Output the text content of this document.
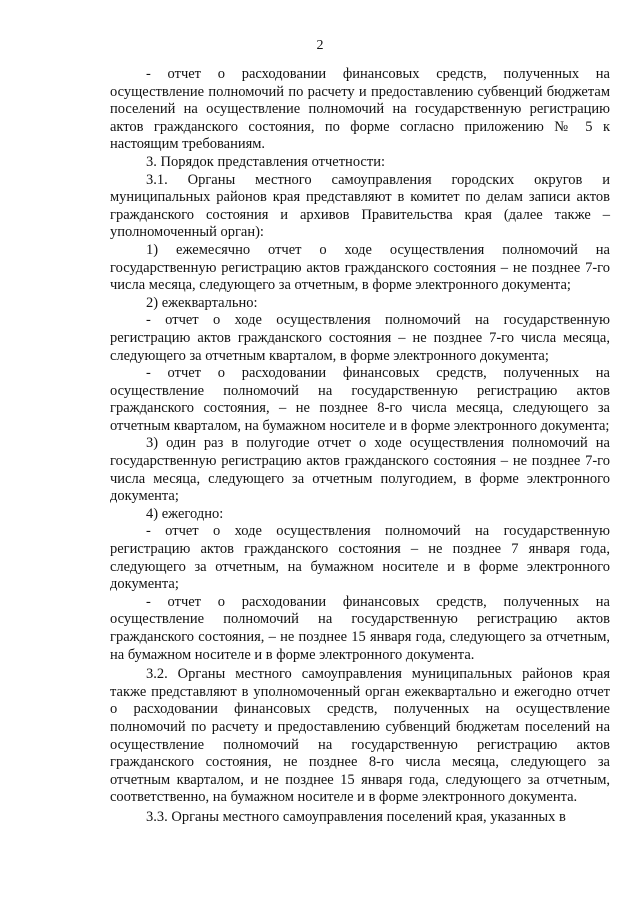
2

- отчет о расходовании финансовых средств, полученных на осуществление полномочий по расчету и предоставлению субвенций бюджетам поселений на осуществление полномочий на государственную регистрацию актов гражданского состояния, по форме согласно приложению № 5 к настоящим требованиям.

3. Порядок представления отчетности:

3.1. Органы местного самоуправления городских округов и муниципальных районов края представляют в комитет по делам записи актов гражданского состояния и архивов Правительства края (далее также – уполномоченный орган):

1) ежемесячно отчет о ходе осуществления полномочий на государственную регистрацию актов гражданского состояния – не позднее 7-го числа месяца, следующего за отчетным, в форме электронного документа;

2) ежеквартально:

- отчет о ходе осуществления полномочий на государственную регистрацию актов гражданского состояния – не позднее 7-го числа месяца, следующего за отчетным кварталом, в форме электронного документа;

- отчет о расходовании финансовых средств, полученных на осуществление полномочий на государственную регистрацию актов гражданского состояния, – не позднее 8-го числа месяца, следующего за отчетным кварталом, на бумажном носителе и в форме электронного документа;

3) один раз в полугодие отчет о ходе осуществления полномочий на государственную регистрацию актов гражданского состояния – не позднее 7-го числа месяца, следующего за отчетным полугодием, в форме электронного документа;

4) ежегодно:

- отчет о ходе осуществления полномочий на государственную регистрацию актов гражданского состояния – не позднее 7 января года, следующего за отчетным, на бумажном носителе и в форме электронного документа;

- отчет о расходовании финансовых средств, полученных на осуществление полномочий на государственную регистрацию актов гражданского состояния, – не позднее 15 января года, следующего за отчетным, на бумажном носителе и в форме электронного документа.

3.2. Органы местного самоуправления муниципальных районов края также представляют в уполномоченный орган ежеквартально и ежегодно отчет о расходовании финансовых средств, полученных на осуществление полномочий по расчету и предоставлению субвенций бюджетам поселений на осуществление полномочий на государственную регистрацию актов гражданского состояния, не позднее 8-го числа месяца, следующего за отчетным кварталом, и не позднее 15 января года, следующего за отчетным, соответственно, на бумажном носителе и в форме электронного документа.

3.3. Органы местного самоуправления поселений края, указанных в
